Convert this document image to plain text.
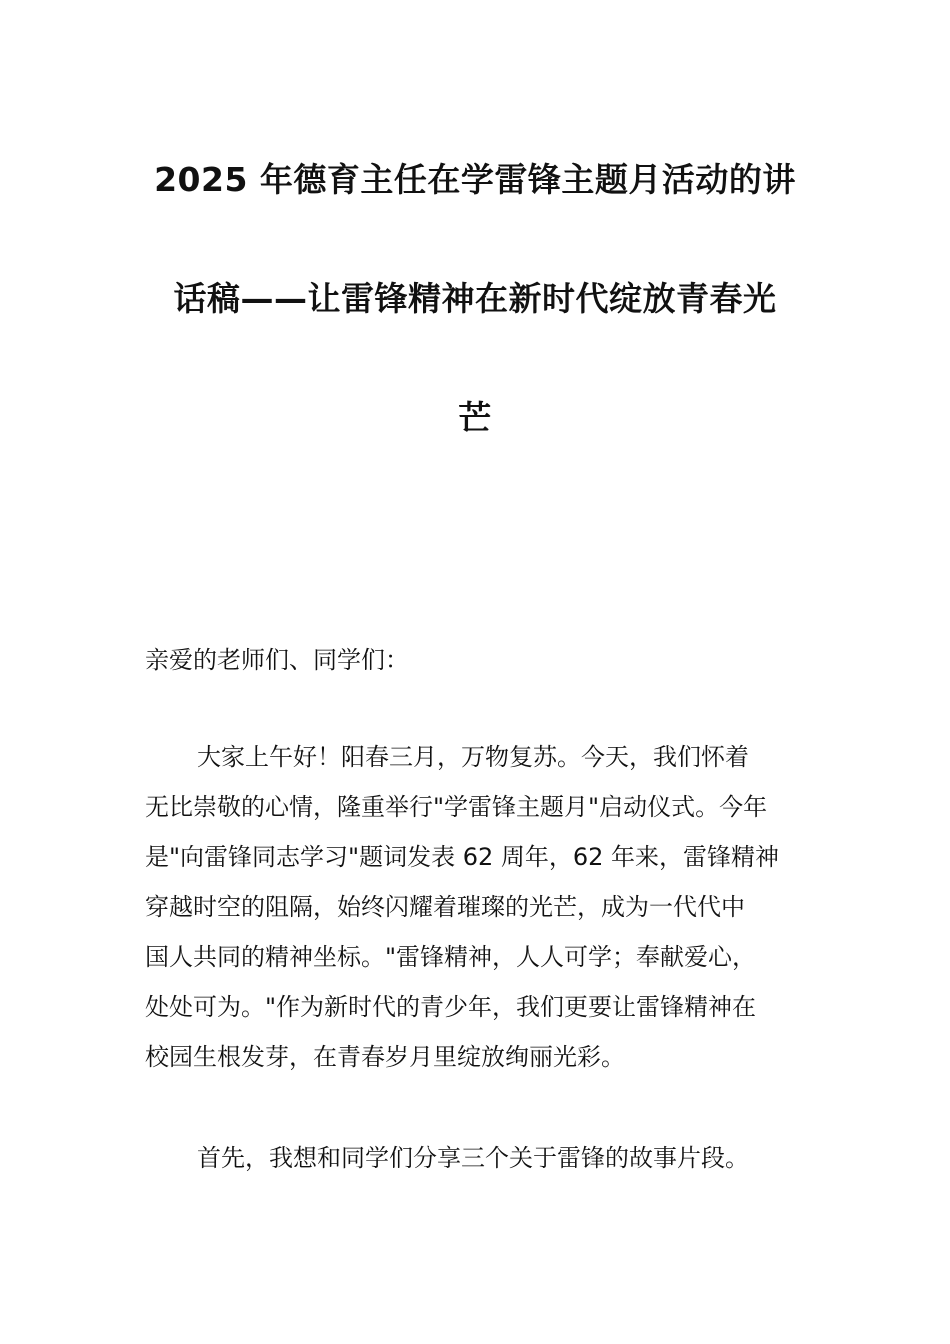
2025 年德育主任在学雷锋主题月活动的讲
话稿——让雷锋精神在新时代绽放青春光
芒
亲爱的老师们、同学们：
大家上午好！阳春三月，万物复苏。今天，我们怀着
无比崇敬的心情，隆重举行"学雷锋主题月"启动仪式。今年
是"向雷锋同志学习"题词发表 62 周年，62 年来，雷锋精神
穿越时空的阻隔，始终闪耀着璀璨的光芒，成为一代代中
国人共同的精神坐标。"雷锋精神，人人可学；奉献爱心，
处处可为。"作为新时代的青少年，我们更要让雷锋精神在
校园生根发芽，在青春岁月里绽放绚丽光彩。
首先，我想和同学们分享三个关于雷锋的故事片段。
